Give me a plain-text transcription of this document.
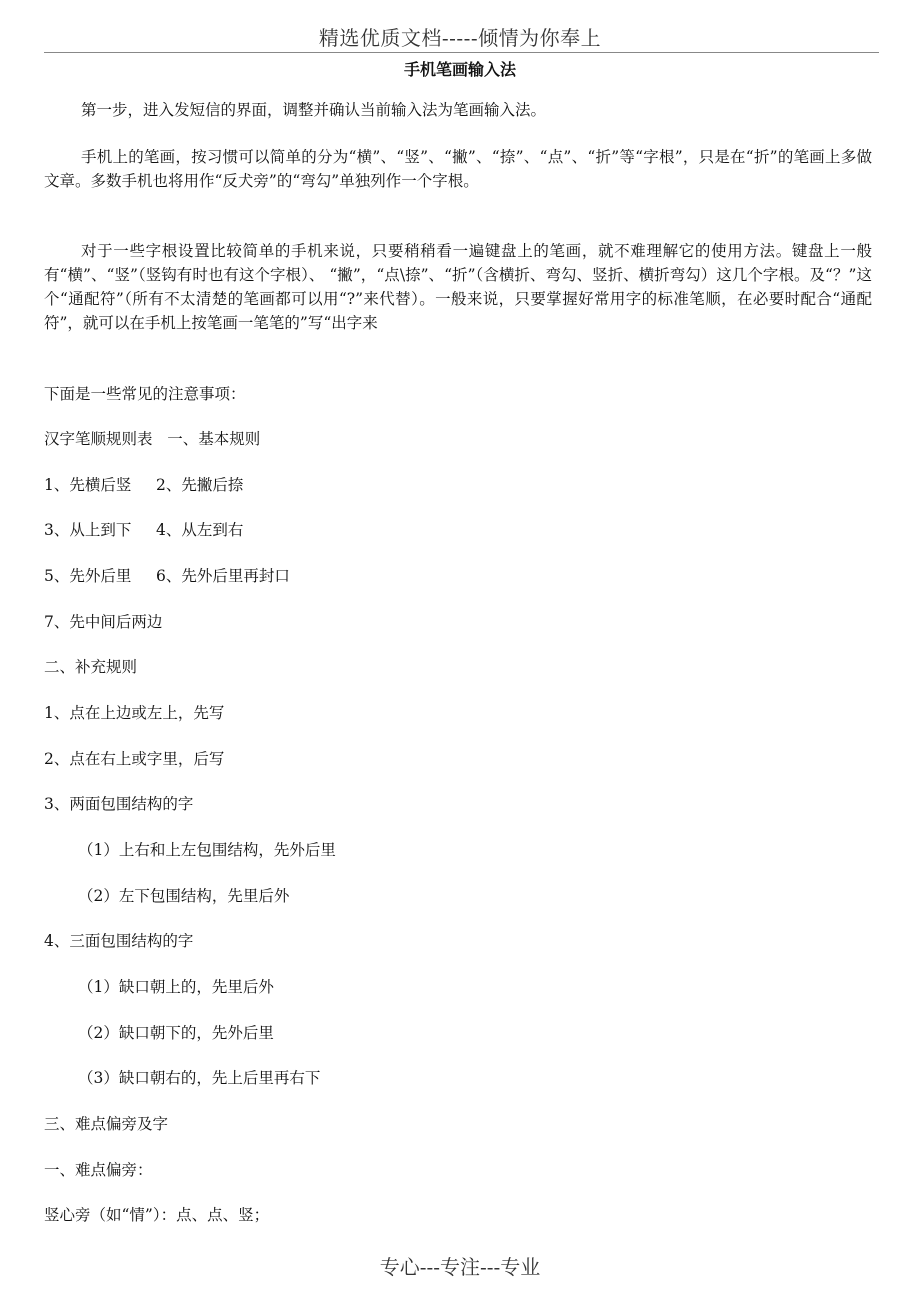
精选优质文档-----倾情为你奉上
手机笔画输入法

第一步，进入发短信的界面，调整并确认当前输入法为笔画输入法。

手机上的笔画，按习惯可以简单的分为“横”、“竖”、“撇”、“捺”、“点”、“折”等“字根”，只是在“折”的笔画上多做文章。多数手机也将用作“反犬旁”的“弯勾”单独列作一个字根。

对于一些字根设置比较简单的手机来说，只要稍稍看一遍键盘上的笔画，就不难理解它的使用方法。键盘上一般有“横”、“竖”（竖钩有时也有这个字根）、 “撇”，“点\捺”、“折”（含横折、弯勾、竖折、横折弯勾）这几个字根。及“？”这个“通配符”（所有不太清楚的笔画都可以用“?”来代替）。一般来说，只要掌握好常用字的标准笔顺，在必要时配合“通配符”，就可以在手机上按笔画一笔笔的”写“出字来

下面是一些常见的注意事项：

汉字笔顺规则表   一、基本规则

1、先横后竖     2、先撇后捺

3、从上到下     4、从左到右

5、先外后里     6、先外后里再封口

7、先中间后两边

二、补充规则

1、点在上边或左上，先写

2、点在右上或字里，后写

3、两面包围结构的字

（1）上右和上左包围结构，先外后里

（2）左下包围结构，先里后外

4、三面包围结构的字

（1）缺口朝上的，先里后外

（2）缺口朝下的，先外后里

（3）缺口朝右的，先上后里再右下

三、难点偏旁及字

一、难点偏旁：

竖心旁（如“情”）：点、点、竖；

专心---专注---专业
